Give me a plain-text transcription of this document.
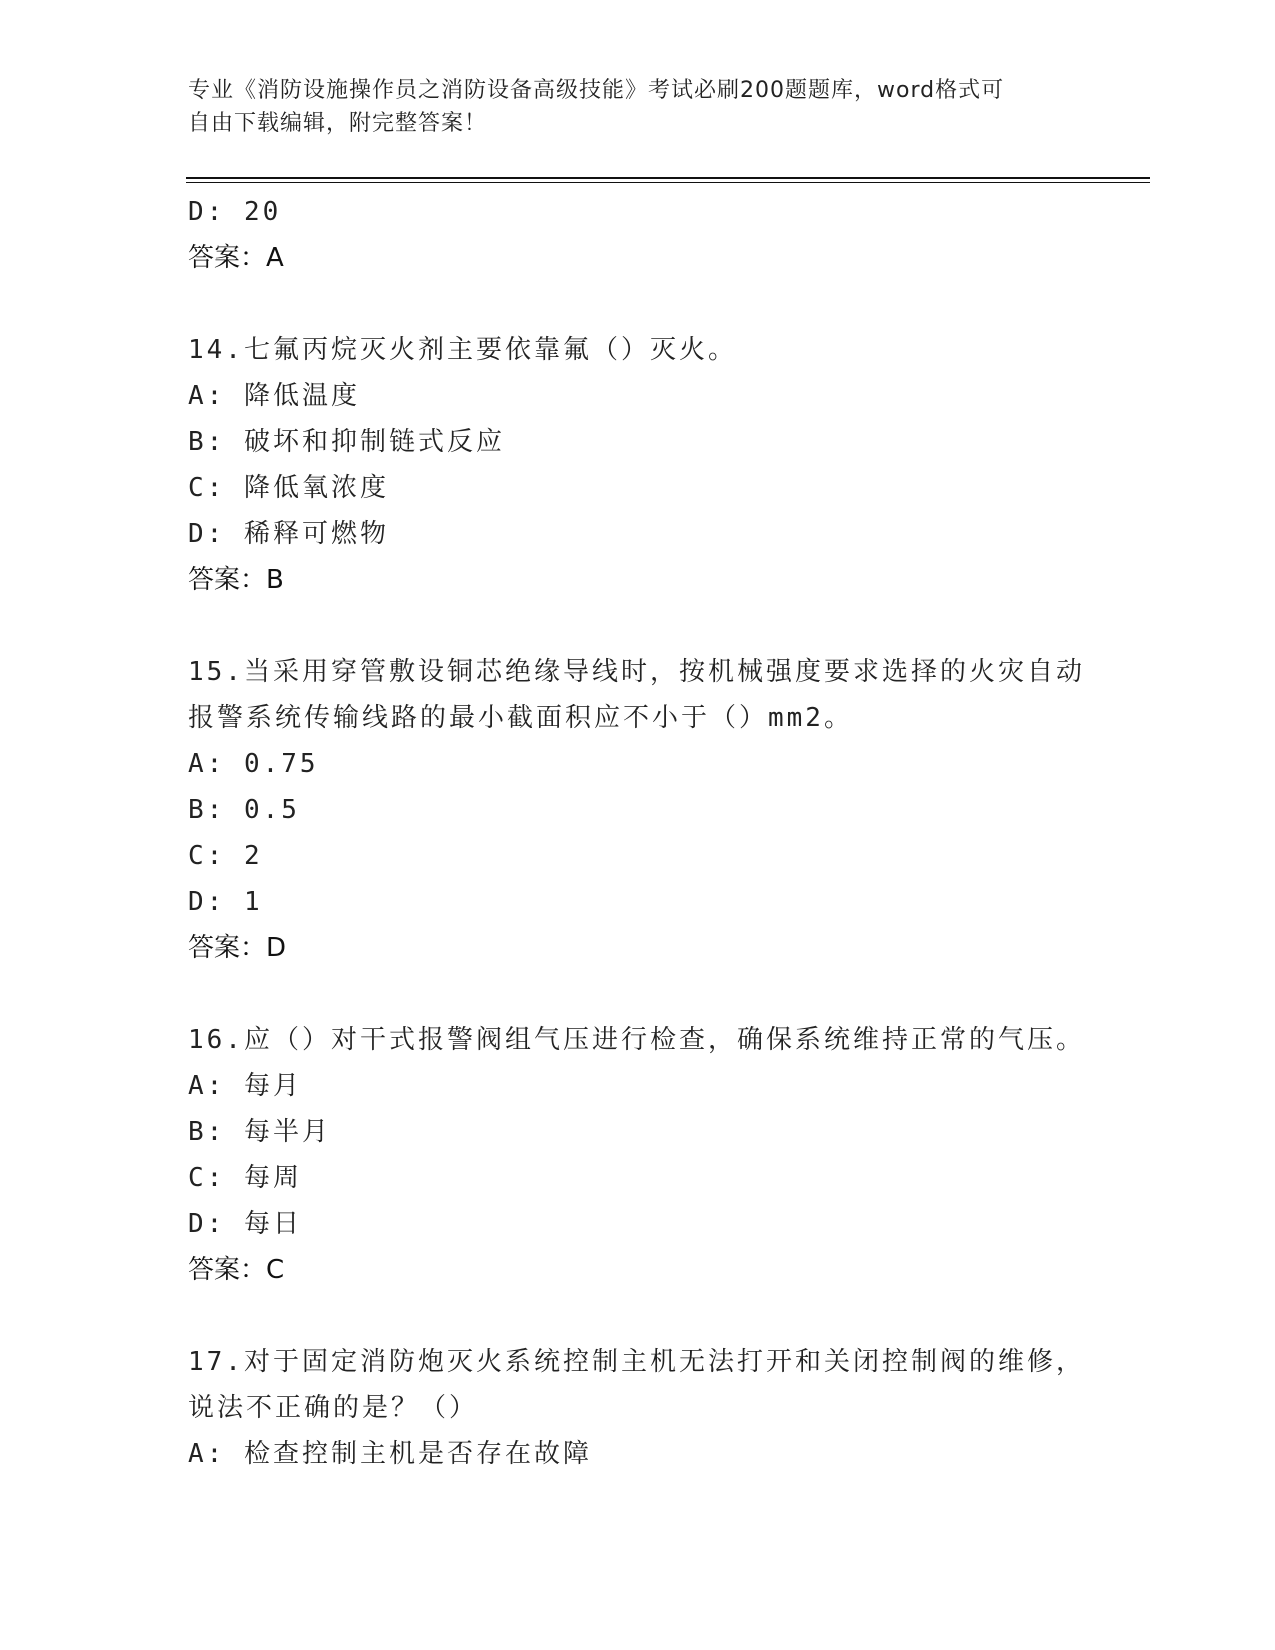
专业《消防设施操作员之消防设备高级技能》考试必刷200题题库，word格式可
自由下载编辑，附完整答案！
D: 20
答案：A
14.七氟丙烷灭火剂主要依靠氟（）灭火。
A: 降低温度
B: 破坏和抑制链式反应
C: 降低氧浓度
D: 稀释可燃物
答案：B
15.当采用穿管敷设铜芯绝缘导线时，按机械强度要求选择的火灾自动
报警系统传输线路的最小截面积应不小于（）mm2。
A: 0.75
B: 0.5
C: 2
D: 1
答案：D
16.应（）对干式报警阀组气压进行检查，确保系统维持正常的气压。
A: 每月
B: 每半月
C: 每周
D: 每日
答案：C
17.对于固定消防炮灭火系统控制主机无法打开和关闭控制阀的维修，
说法不正确的是？（）
A: 检查控制主机是否存在故障
